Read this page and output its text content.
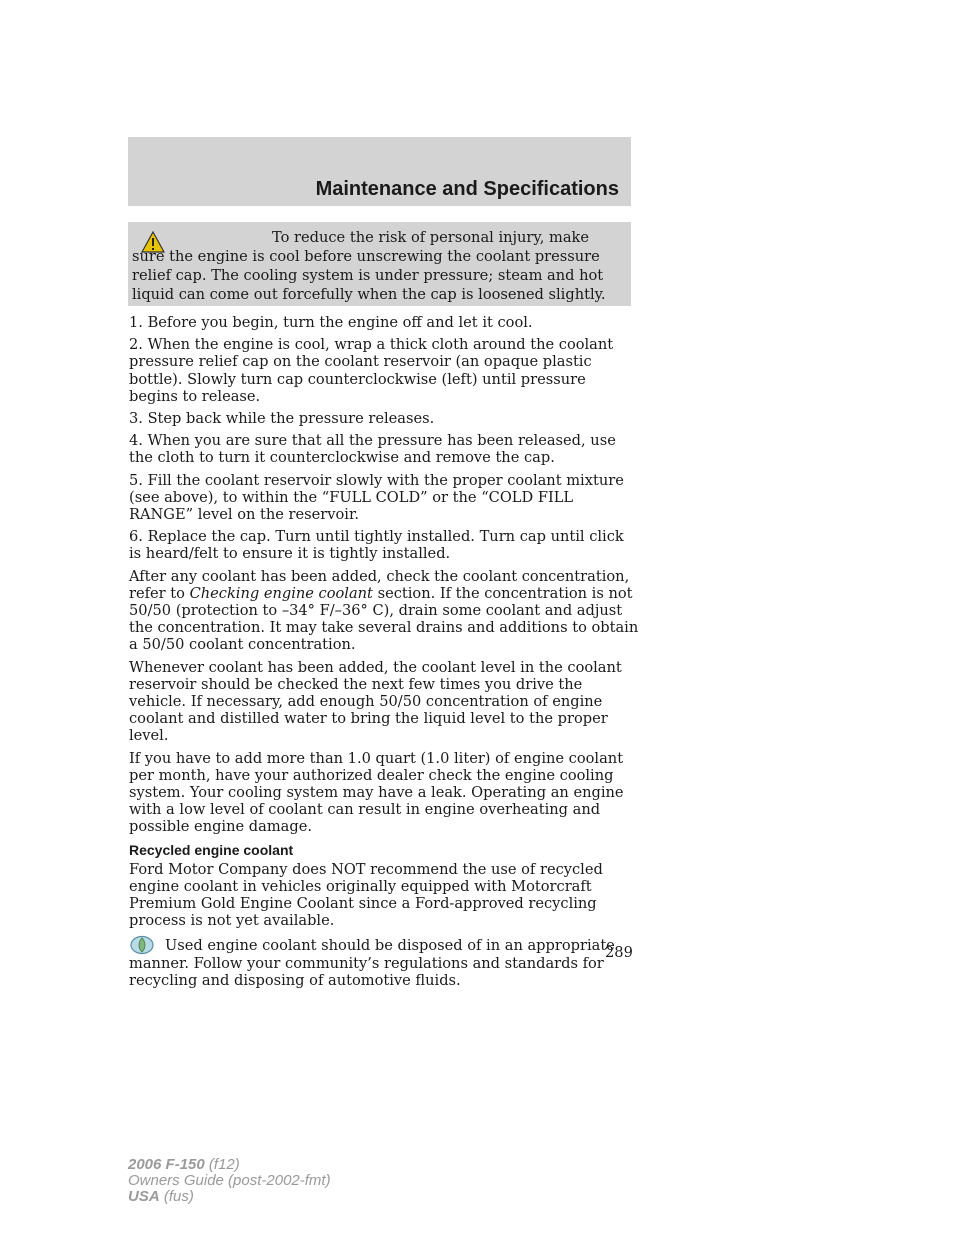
Maintenance and Specifications
To reduce the risk of personal injury, make sure the engine is cool before unscrewing the coolant pressure relief cap. The cooling system is under pressure; steam and hot liquid can come out forcefully when the cap is loosened slightly.

1. Before you begin, turn the engine off and let it cool.

2. When the engine is cool, wrap a thick cloth around the coolant pressure relief cap on the coolant reservoir (an opaque plastic bottle). Slowly turn cap counterclockwise (left) until pressure begins to release.

3. Step back while the pressure releases.

4. When you are sure that all the pressure has been released, use the cloth to turn it counterclockwise and remove the cap.

5. Fill the coolant reservoir slowly with the proper coolant mixture (see above), to within the “FULL COLD” or the “COLD FILL RANGE” level on the reservoir.

6. Replace the cap. Turn until tightly installed. Turn cap until click is heard/felt to ensure it is tightly installed.

After any coolant has been added, check the coolant concentration, refer to Checking engine coolant section. If the concentration is not 50/50 (protection to –34° F/–36° C), drain some coolant and adjust the concentration. It may take several drains and additions to obtain a 50/50 coolant concentration.

Whenever coolant has been added, the coolant level in the coolant reservoir should be checked the next few times you drive the vehicle. If necessary, add enough 50/50 concentration of engine coolant and distilled water to bring the liquid level to the proper level.

If you have to add more than 1.0 quart (1.0 liter) of engine coolant per month, have your authorized dealer check the engine cooling system. Your cooling system may have a leak. Operating an engine with a low level of coolant can result in engine overheating and possible engine damage.

Recycled engine coolant

Ford Motor Company does NOT recommend the use of recycled engine coolant in vehicles originally equipped with Motorcraft Premium Gold Engine Coolant since a Ford-approved recycling process is not yet available.

Used engine coolant should be disposed of in an appropriate manner. Follow your community’s regulations and standards for recycling and disposing of automotive fluids.

289
2006 F-150 (f12)
Owners Guide (post-2002-fmt)
USA (fus)
